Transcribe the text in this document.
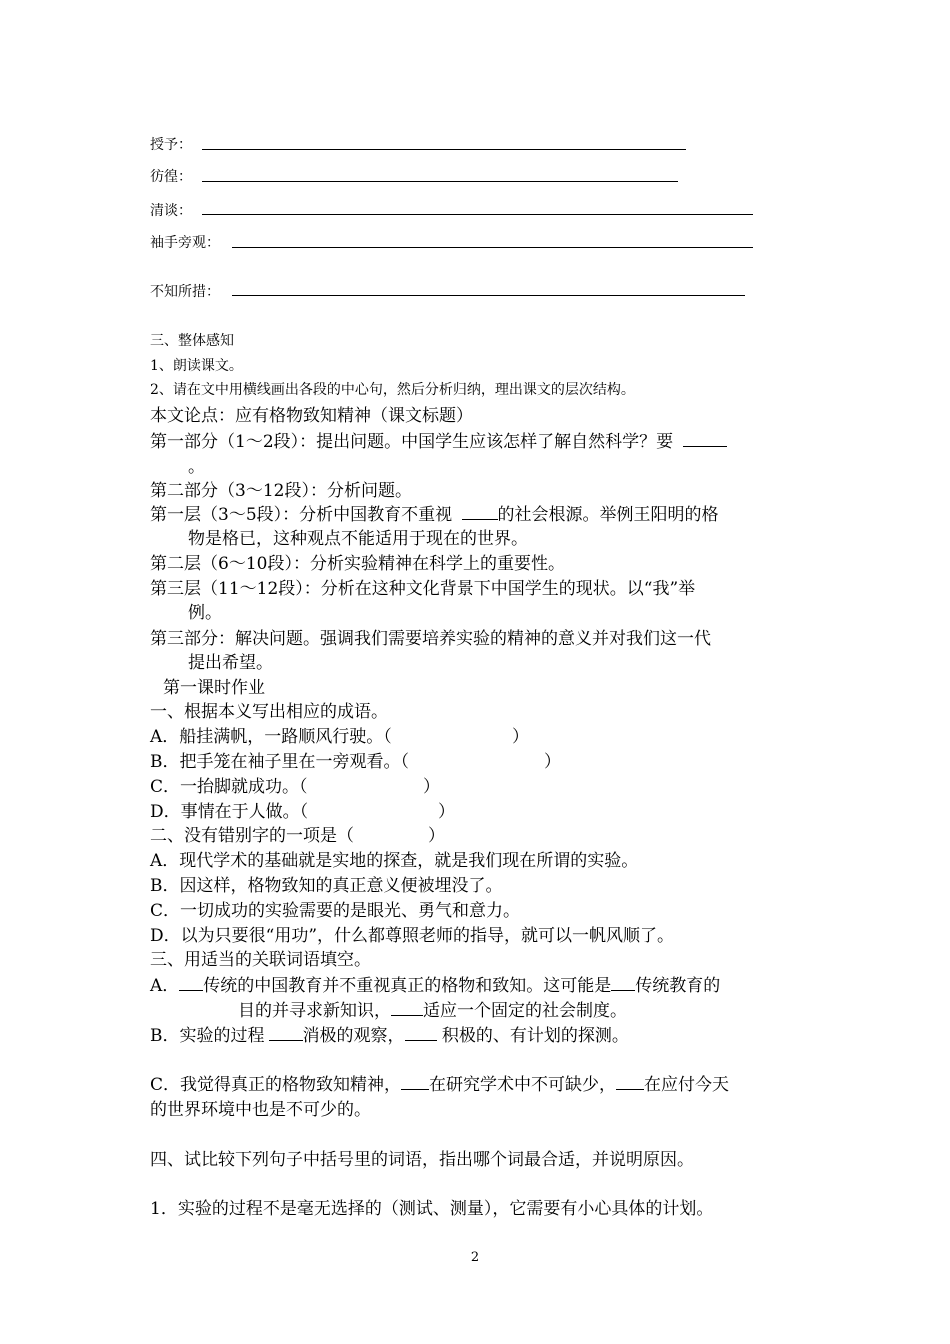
授予：
彷徨：
清谈：
袖手旁观：
不知所措：
三、整体感知
1、朗读课文。
2、请在文中用横线画出各段的中心句，然后分析归纳，理出课文的层次结构。
本文论点：应有格物致知精神（课文标题）
第一部分（1～2段）：提出问题。中国学生应该怎样了解自然科学？要
。
第二部分（3～12段）：分析问题。
第一层（3～5段）：分析中国教育不重视	的社会根源。举例王阳明的格
物是格已，这种观点不能适用于现在的世界。
第二层（6～10段）：分析实验精神在科学上的重要性。
第三层（11～12段）：分析在这种文化背景下中国学生的现状。以“我”举
例。
第三部分：解决问题。强调我们需要培养实验的精神的意义并对我们这一代
提出希望。
第一课时作业
一、根据本义写出相应的成语。
A．船挂满帆，一路顺风行驶。（	）
B．把手笼在袖子里在一旁观看。（	）
C．一抬脚就成功。（	）
D．事情在于人做。（	）
二、没有错别字的一项是（	）
A．现代学术的基础就是实地的探查，就是我们现在所谓的实验。
B．因这样，格物致知的真正意义便被埋没了。
C．一切成功的实验需要的是眼光、勇气和意力。
D．以为只要很“用功”，什么都尊照老师的指导，就可以一帆风顺了。
三、用适当的关联词语填空。
A． 传统的中国教育并不重视真正的格物和致知。这可能是 传统教育的
目的并寻求新知识， 适应一个固定的社会制度。
B．实验的过程 消极的观察， 积极的、有计划的探测。
C．我觉得真正的格物致知精神， 在研究学术中不可缺少， 在应付今天
的世界环境中也是不可少的。
四、试比较下列句子中括号里的词语，指出哪个词最合适，并说明原因。
1．实验的过程不是毫无选择的（测试、测量），它需要有小心具体的计划。
2
